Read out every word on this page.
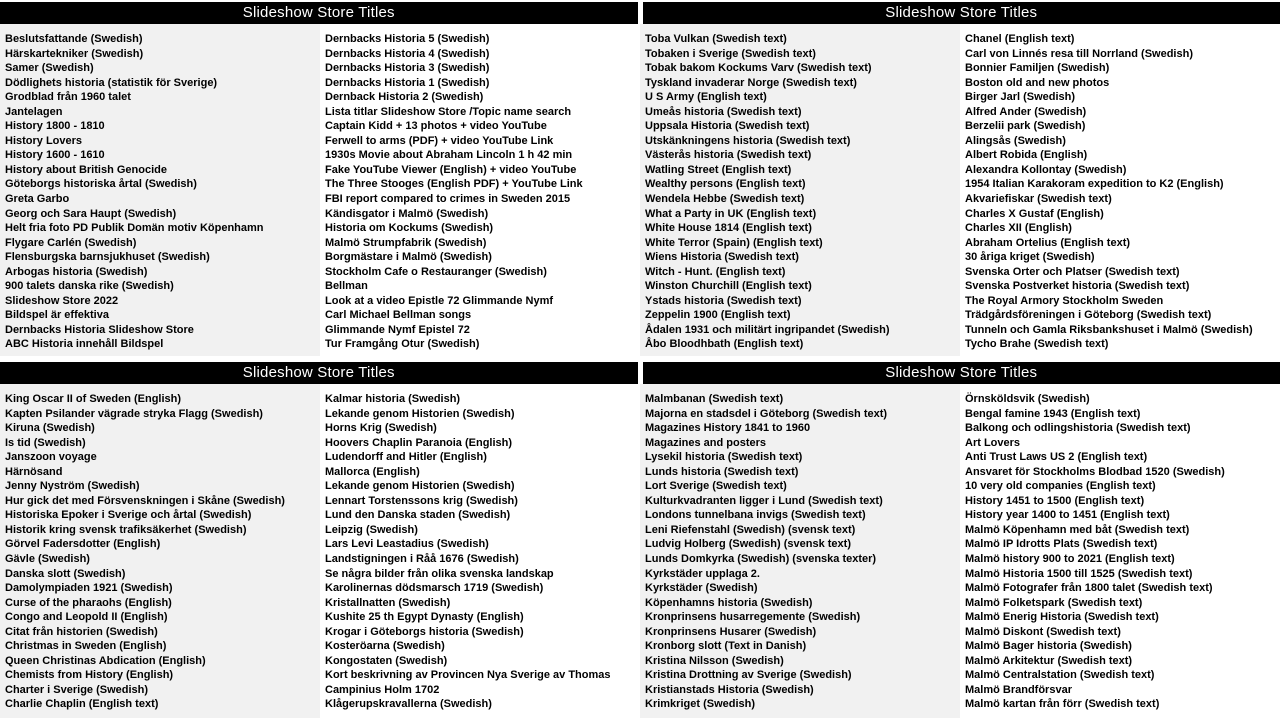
Slideshow Store Titles	Slideshow Store Titles
Beslutsfattande (Swedish)
Härskartekniker (Swedish)
Samer (Swedish)
Dödlighets historia (statistik för Sverige)
Grodblad från 1960 talet
Jantelagen
History 1800 - 1810
History Lovers
History 1600 - 1610
History about British Genocide
Göteborgs historiska årtal (Swedish)
Greta Garbo
Georg och Sara Haupt (Swedish)
Helt fria foto PD Publik Domän motiv Köpenhamn
Flygare Carlén (Swedish)
Flensburgska barnsjukhuset (Swedish)
Arbogas historia (Swedish)
900 talets danska rike (Swedish)
Slideshow Store 2022
Bildspel är effektiva
Dernbacks Historia Slideshow Store
ABC Historia innehåll Bildspel
Dernbacks Historia 5 (Swedish)
Dernbacks Historia 4 (Swedish)
Dernbacks Historia 3 (Swedish)
Dernbacks Historia 1 (Swedish)
Dernback Historia 2 (Swedish)
Lista titlar Slideshow Store /Topic name search
Captain Kidd + 13 photos + video YouTube
Ferwell to arms (PDF) + video YouTube Link
1930s Movie about Abraham Lincoln 1 h 42 min
Fake YouTube Viewer (English) + video YouTube
The Three Stooges (English PDF) + YouTube Link
FBI report compared to crimes in Sweden 2015
Kändisgator i Malmö (Swedish)
Historia om Kockums (Swedish)
Malmö Strumpfabrik (Swedish)
Borgmästare i Malmö (Swedish)
Stockholm Cafe o Restauranger (Swedish)
Bellman
Look at a video Epistle 72 Glimmande Nymf
Carl Michael Bellman songs
Glimmande Nymf Epistel 72
Tur Framgång Otur (Swedish)
Toba Vulkan (Swedish text)
Tobaken i Sverige (Swedish text)
Tobak bakom Kockums Varv (Swedish text)
Tyskland invaderar Norge (Swedish text)
U S Army (English text)
Umeås historia (Swedish text)
Uppsala Historia (Swedish text)
Utskänkningens historia (Swedish text)
Västerås historia (Swedish text)
Watling Street (English text)
Wealthy persons (English text)
Wendela Hebbe (Swedish text)
What a Party in UK (English text)
White House 1814 (English text)
White Terror (Spain) (English text)
Wiens Historia (Swedish text)
Witch - Hunt. (English text)
Winston Churchill (English text)
Ystads historia (Swedish text)
Zeppelin 1900 (English text)
Ådalen 1931 och militärt ingripandet (Swedish)
Åbo Bloodhbath (English text)
Chanel (English text)
Carl von Linnés resa till Norrland (Swedish)
Bonnier Familjen (Swedish)
Boston old and new photos
Birger Jarl (Swedish)
Alfred Ander (Swedish)
Berzelii park (Swedish)
Alingsås (Swedish)
Albert Robida (English)
Alexandra Kollontay (Swedish)
1954 Italian Karakoram expedition to K2 (English)
Akvariefiskar (Swedish text)
Charles X Gustaf (English)
Charles XII (English)
Abraham Ortelius (English text)
30 åriga kriget (Swedish)
Svenska Orter och Platser (Swedish text)
Svenska Postverket historia (Swedish text)
The Royal Armory Stockholm Sweden
Trädgårdsföreningen i Göteborg (Swedish text)
Tunneln och Gamla Riksbankshuset i Malmö (Swedish)
Tycho Brahe (Swedish text)
Slideshow Store Titles	Slideshow Store Titles
King Oscar II of Sweden (English)
Kapten Psilander vägrade stryka Flagg (Swedish)
Kiruna (Swedish)
Is tid (Swedish)
Janszoon voyage
Härnösand
Jenny Nyström (Swedish)
Hur gick det med Försvenskningen i Skåne (Swedish)
Historiska Epoker i Sverige och årtal (Swedish)
Historik kring svensk trafiksäkerhet (Swedish)
Görvel Fadersdotter (English)
Gävle (Swedish)
Danska slott (Swedish)
Damolympiaden 1921 (Swedish)
Curse of the pharaohs (English)
Congo and Leopold II (English)
Citat från historien (Swedish)
Christmas in Sweden (English)
Queen Christinas Abdication (English)
Chemists from History (English)
Charter i Sverige (Swedish)
Charlie Chaplin (English text)
Kalmar historia (Swedish)
Lekande genom Historien (Swedish)
Horns Krig (Swedish)
Hoovers Chaplin Paranoia (English)
Ludendorff and Hitler (English)
Mallorca (English)
Lekande genom Historien (Swedish)
Lennart Torstenssons krig (Swedish)
Lund den Danska staden (Swedish)
Leipzig (Swedish)
Lars Levi Leastadius (Swedish)
Landstigningen i Råå 1676 (Swedish)
Se några bilder från olika svenska landskap
Karolinernas dödsmarsch 1719 (Swedish)
Kristallnatten (Swedish)
Kushite 25 th Egypt Dynasty (English)
Krogar i Göteborgs historia (Swedish)
Kosteröarna (Swedish)
Kongostaten (Swedish)
Kort beskrivning av Provincen Nya Sverige av Thomas
Campinius Holm 1702
Klågerupskravallerna (Swedish)
Malmbanan (Swedish text)
Majorna en stadsdel i Göteborg (Swedish text)
Magazines History 1841 to 1960
Magazines and posters
Lysekil historia (Swedish text)
Lunds historia (Swedish text)
Lort Sverige (Swedish text)
Kulturkvadranten ligger i Lund (Swedish text)
Londons tunnelbana invigs (Swedish text)
Leni Riefenstahl (Swedish) (svensk text)
Ludvig Holberg (Swedish) (svensk text)
Lunds Domkyrka (Swedish) (svenska texter)
Kyrkstäder upplaga 2.
Kyrkstäder (Swedish)
Köpenhamns historia (Swedish)
Kronprinsens husarregemente (Swedish)
Kronprinsens Husarer (Swedish)
Kronborg slott (Text in Danish)
Kristina Nilsson (Swedish)
Kristina Drottning av Sverige (Swedish)
Kristianstads Historia (Swedish)
Krimkriget (Swedish)
Örnsköldsvik (Swedish)
Bengal famine 1943 (English text)
Balkong och odlingshistoria (Swedish text)
Art Lovers
Anti Trust Laws US 2 (English text)
Ansvaret för Stockholms Blodbad 1520 (Swedish)
10 very old companies (English text)
History 1451 to 1500 (English text)
History year 1400 to 1451 (English text)
Malmö Köpenhamn med båt (Swedish text)
Malmö IP Idrotts Plats (Swedish text)
Malmö history 900 to 2021 (English text)
Malmö Historia 1500 till 1525 (Swedish text)
Malmö Fotografer från 1800 talet (Swedish text)
Malmö Folketspark (Swedish text)
Malmö Enerig Historia (Swedish text)
Malmö Diskont (Swedish text)
Malmö Bager historia (Swedish)
Malmö Arkitektur (Swedish text)
Malmö Centralstation (Swedish text)
Malmö Brandförsvar
Malmö kartan från förr (Swedish text)
